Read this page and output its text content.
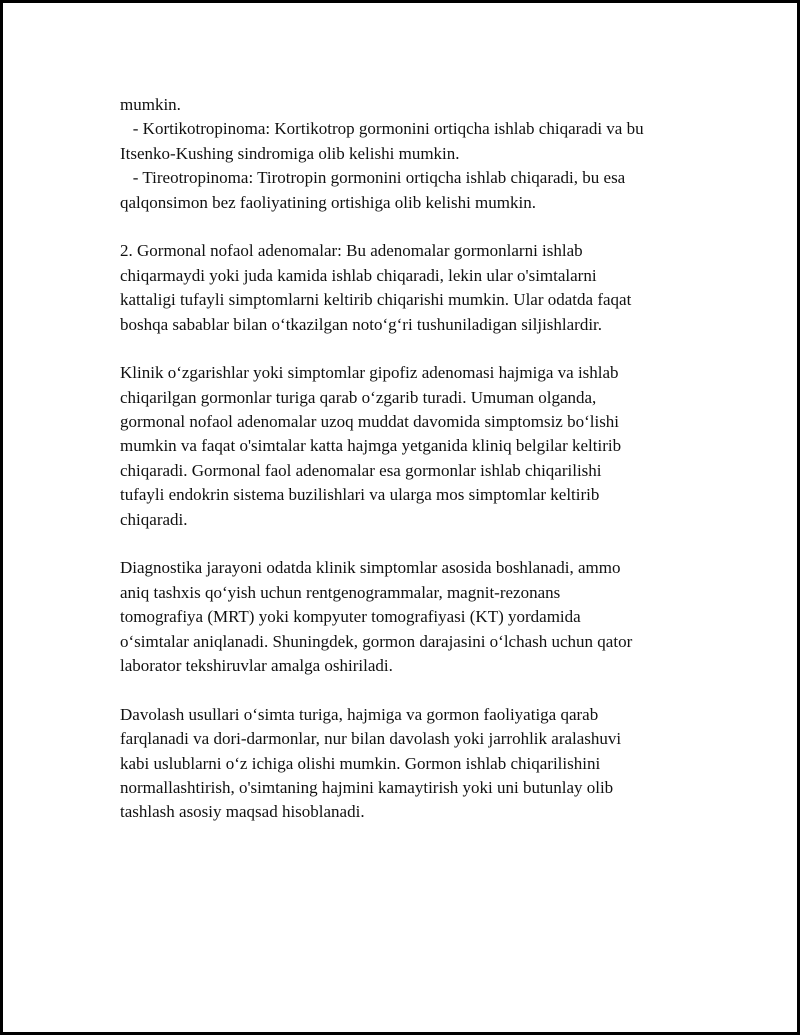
mumkin.
- Kortikotropinoma: Kortikotrop gormonini ortiqcha ishlab chiqaradi va bu
Itsenko-Kushing sindromiga olib kelishi mumkin.
- Tireotropinoma: Tirotropin gormonini ortiqcha ishlab chiqaradi, bu esa
qalqonsimon bez faoliyatining ortishiga olib kelishi mumkin.
2. Gormonal nofaol adenomalar: Bu adenomalar gormonlarni ishlab
chiqarmaydi yoki juda kamida ishlab chiqaradi, lekin ular o'simtalarni
kattaligi tufayli simptomlarni keltirib chiqarishi mumkin. Ular odatda faqat
boshqa sabablar bilan o‘tkazilgan noto‘g‘ri tushuniladigan siljishlardir.
Klinik o‘zgarishlar yoki simptomlar gipofiz adenomasi hajmiga va ishlab
chiqarilgan gormonlar turiga qarab o‘zgarib turadi. Umuman olganda,
gormonal nofaol adenomalar uzoq muddat davomida simptomsiz bo‘lishi
mumkin va faqat o'simtalar katta hajmga yetganida kliniq belgilar keltirib
chiqaradi. Gormonal faol adenomalar esa gormonlar ishlab chiqarilishi
tufayli endokrin sistema buzilishlari va ularga mos simptomlar keltirib
chiqaradi.
Diagnostika jarayoni odatda klinik simptomlar asosida boshlanadi, ammo
aniq tashxis qo‘yish uchun rentgenogrammalar, magnit-rezonans
tomografiya (MRT) yoki kompyuter tomografiyasi (KT) yordamida
o‘simtalar aniqlanadi. Shuningdek, gormon darajasini o‘lchash uchun qator
laborator tekshiruvlar amalga oshiriladi.
Davolash usullari o‘simta turiga, hajmiga va gormon faoliyatiga qarab
farqlanadi va dori-darmonlar, nur bilan davolash yoki jarrohlik aralashuvi
kabi uslublarni o‘z ichiga olishi mumkin. Gormon ishlab chiqarilishini
normallashtirish, o'simtaning hajmini kamaytirish yoki uni butunlay olib
tashlash asosiy maqsad hisoblanadi.
